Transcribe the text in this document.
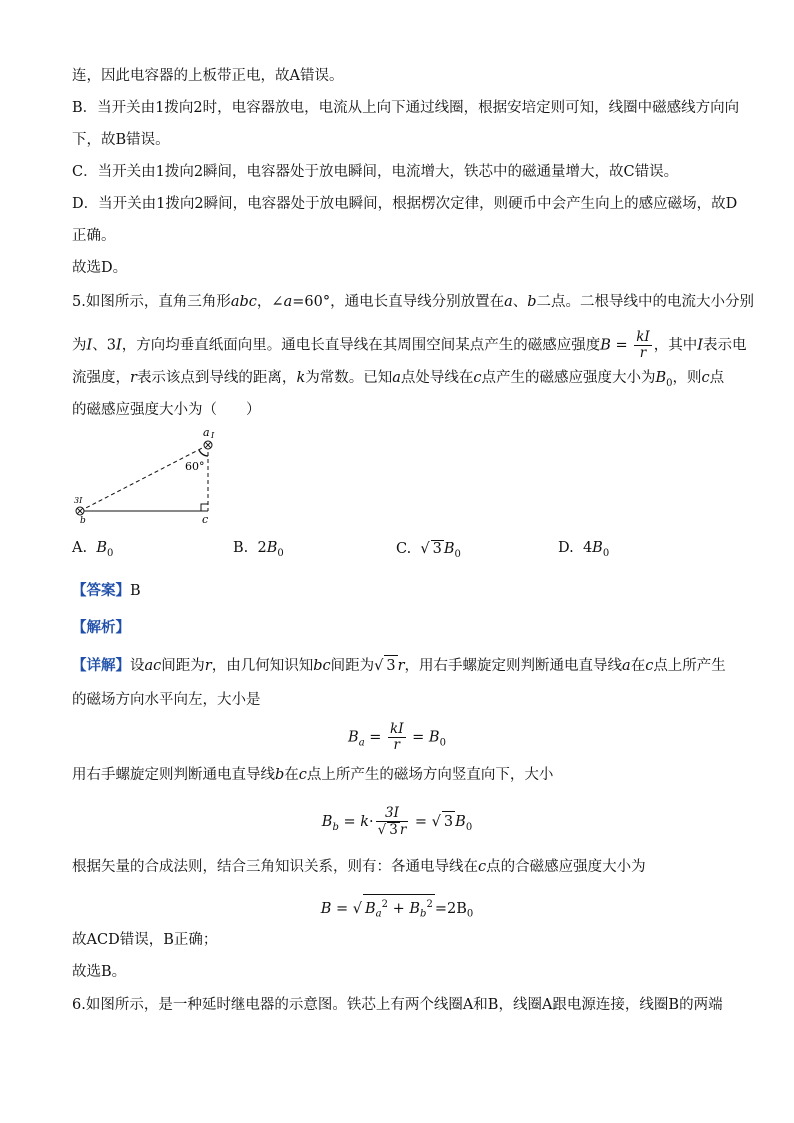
连，因此电容器的上板带正电，故A错误。
B．当开关由1拨向2时，电容器放电，电流从上向下通过线圈，根据安培定则可知，线圈中磁感线方向向
下，故B错误。
C．当开关由1拨向2瞬间，电容器处于放电瞬间，电流增大，铁芯中的磁通量增大，故C错误。
D．当开关由1拨向2瞬间，电容器处于放电瞬间，根据楞次定律，则硬币中会产生向上的感应磁场，故D
正确。
故选D。
5.如图所示，直角三角形abc，∠a=60°，通电长直导线分别放置在a、b二点。二根导线中的电流大小分别
为I、3I，方向均垂直纸面向里。通电长直导线在其周围空间某点产生的磁感应强度$B = \frac{kI}{r}$ ，其中I表示电
流强度，r表示该点到导线的距离，k为常数。已知a点处导线在c点产生的磁感应强度大小为$B_0$，则c点
的磁感应强度大小为（　　）
a I
60°
3I
b	c
A. $B_0$	B. $2B_0$	C. √ 3 $B_0$	D. $4B_0$
【答案】B
【解析】
【详解】设ac间距为r，由几何知识知bc间距为√ 3 r，用右手螺旋定则判断通电直导线a在c点上所产生
的磁场方向水平向左，大小是
$B_a = \frac{kI}{r} = B_0$
用右手螺旋定则判断通电直导线b在c点上所产生的磁场方向竖直向下，大小
$B_b = k\cdot \frac{3I}{√ 3 r}$ = √ 3 $B_0$
根据矢量的合成法则，结合三角知识关系，则有：各通电导线在c点的合磁感应强度大小为
B = √ $B_a^2 + B_b^2 =2B_0$
故ACD错误，B正确；
故选B。
6.如图所示，是一种延时继电器的示意图。铁芯上有两个线圈A和B，线圈A跟电源连接，线圈B的两端
